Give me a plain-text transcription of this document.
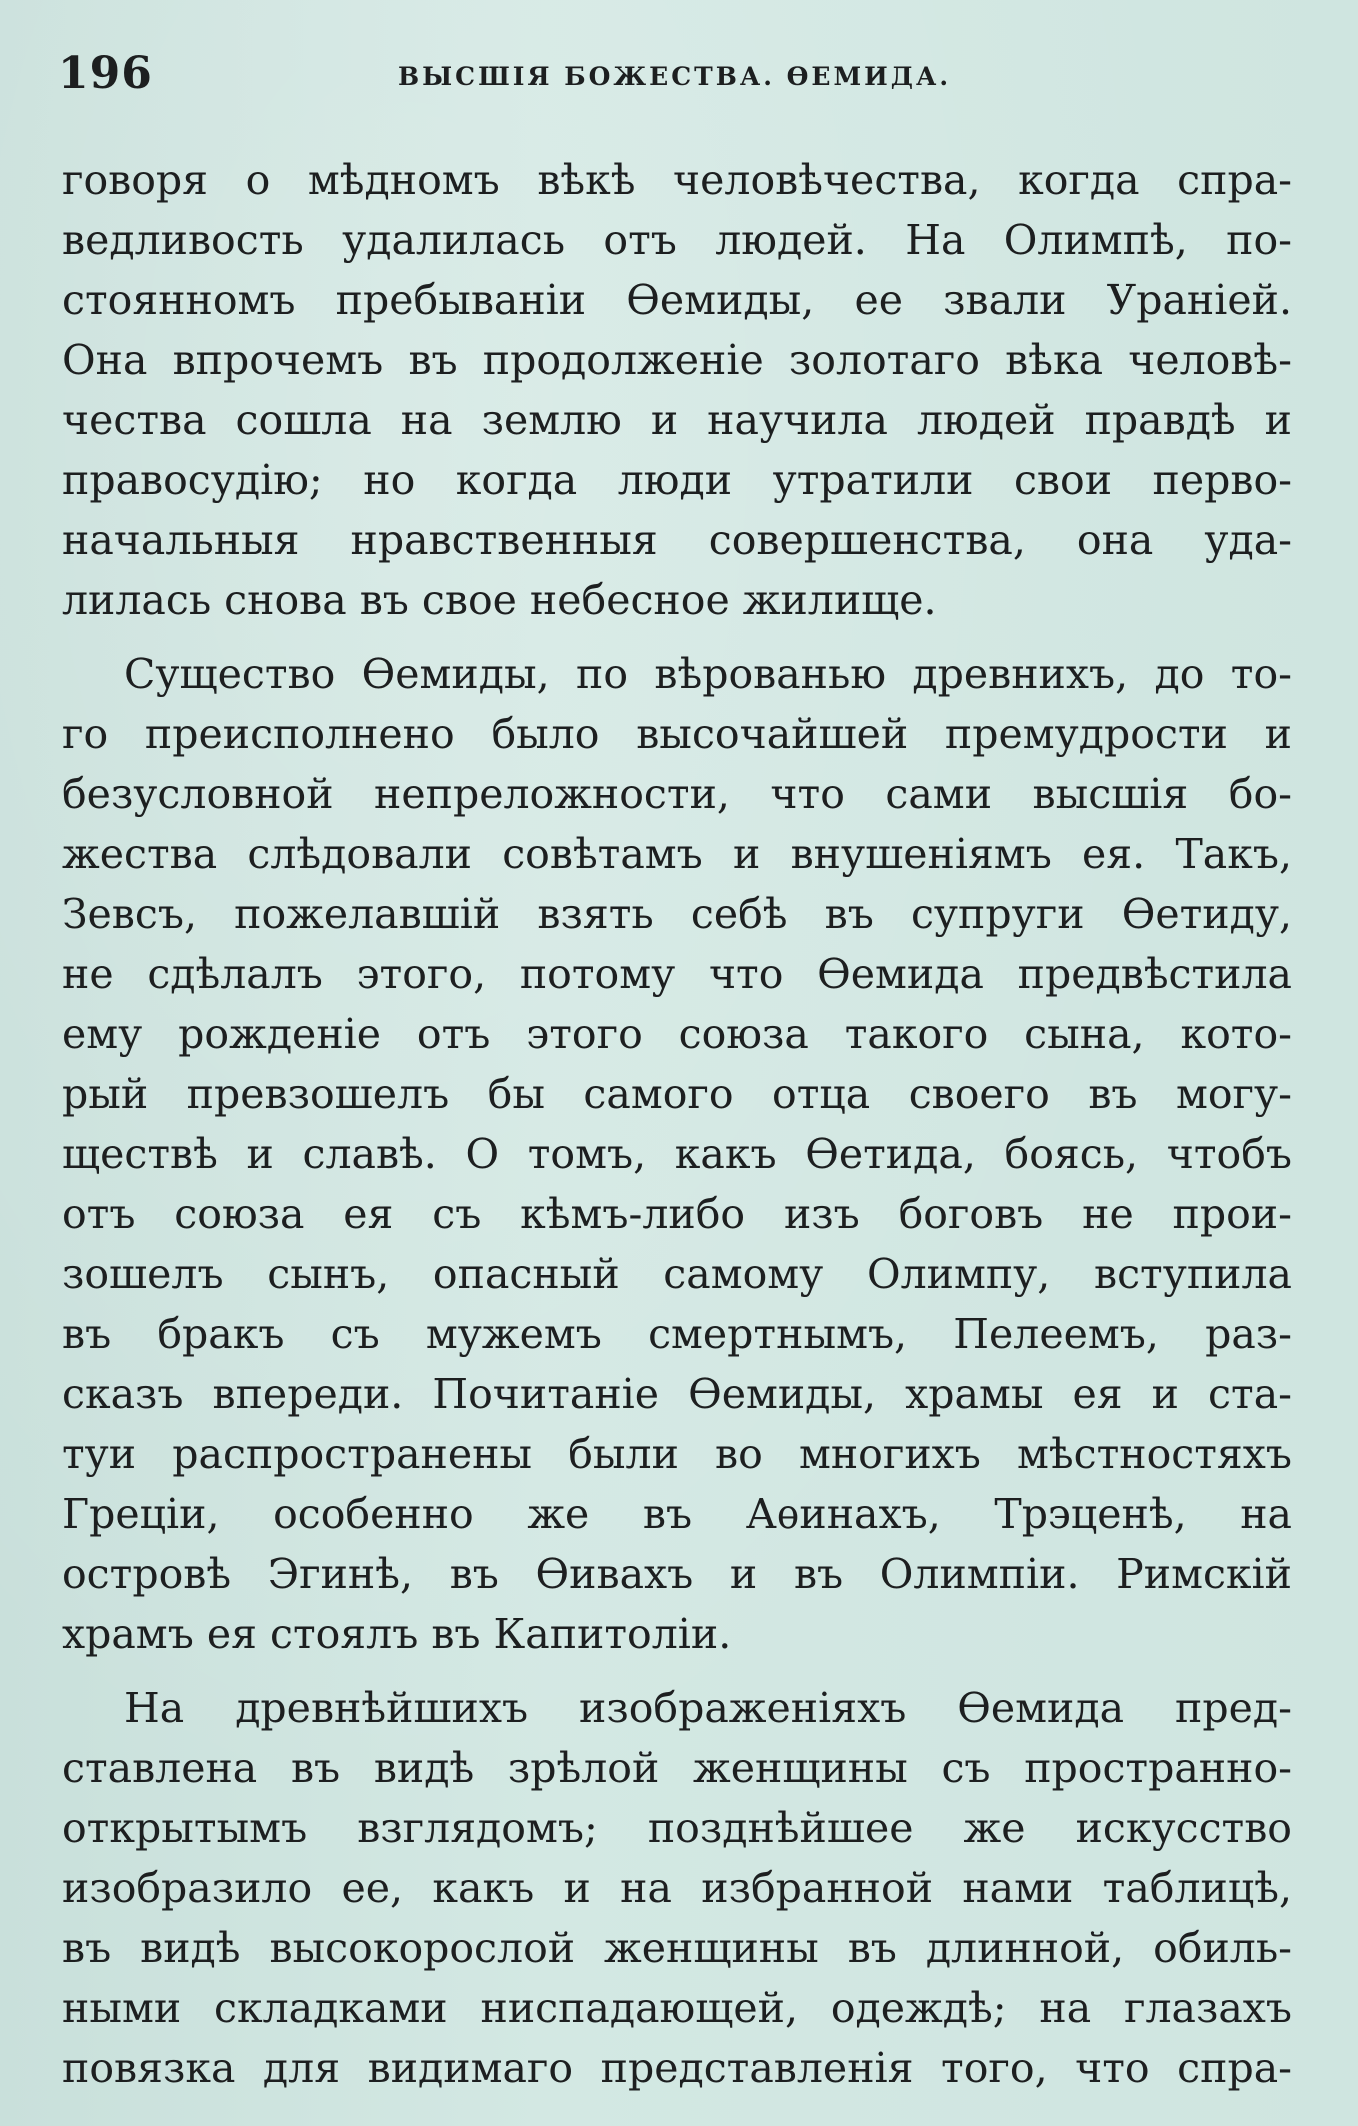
196	ВЫСШІЯ БОЖЕСТВА. ѲЕМИДА.
говоря о мѣдномъ вѣкѣ человѣчества, когда спра-
ведливость удалилась отъ людей. На Олимпѣ, по-
стоянномъ пребываніи Ѳемиды, ее звали Ураніей.
Она впрочемъ въ продолженіе золотаго вѣка человѣ-
чества сошла на землю и научила людей правдѣ и
правосудію; но когда люди утратили свои перво-
начальныя нравственныя совершенства, она уда-
лилась снова въ свое небесное жилище.
Существо Ѳемиды, по вѣрованью древнихъ, до то-
го преисполнено было высочайшей премудрости и
безусловной непреложности, что сами высшія бо-
жества слѣдовали совѣтамъ и внушеніямъ ея. Такъ,
Зевсъ, пожелавшій взять себѣ въ супруги Ѳетиду,
не сдѣлалъ этого, потому что Ѳемида предвѣстила
ему рожденіе отъ этого союза такого сына, кото-
рый превзошелъ бы самого отца своего въ могу-
ществѣ и славѣ. О томъ, какъ Ѳетида, боясь, чтобъ
отъ союза ея съ кѣмъ-либо изъ боговъ не прои-
зошелъ сынъ, опасный самому Олимпу, вступила
въ бракъ съ мужемъ смертнымъ, Пелеемъ, раз-
сказъ впереди. Почитаніе Ѳемиды, храмы ея и ста-
туи распространены были во многихъ мѣстностяхъ
Греціи, особенно же въ Аѳинахъ, Трэценѣ, на
островѣ Эгинѣ, въ Ѳивахъ и въ Олимпіи. Римскій
храмъ ея стоялъ въ Капитоліи.
На древнѣйшихъ изображеніяхъ Ѳемида пред-
ставлена въ видѣ зрѣлой женщины съ пространно-
открытымъ взглядомъ; позднѣйшее же искусство
изобразило ее, какъ и на избранной нами таблицѣ,
въ видѣ высокорослой женщины въ длинной, обиль-
ными складками ниспадающей, одеждѣ; на глазахъ
повязка для видимаго представленія того, что спра-
